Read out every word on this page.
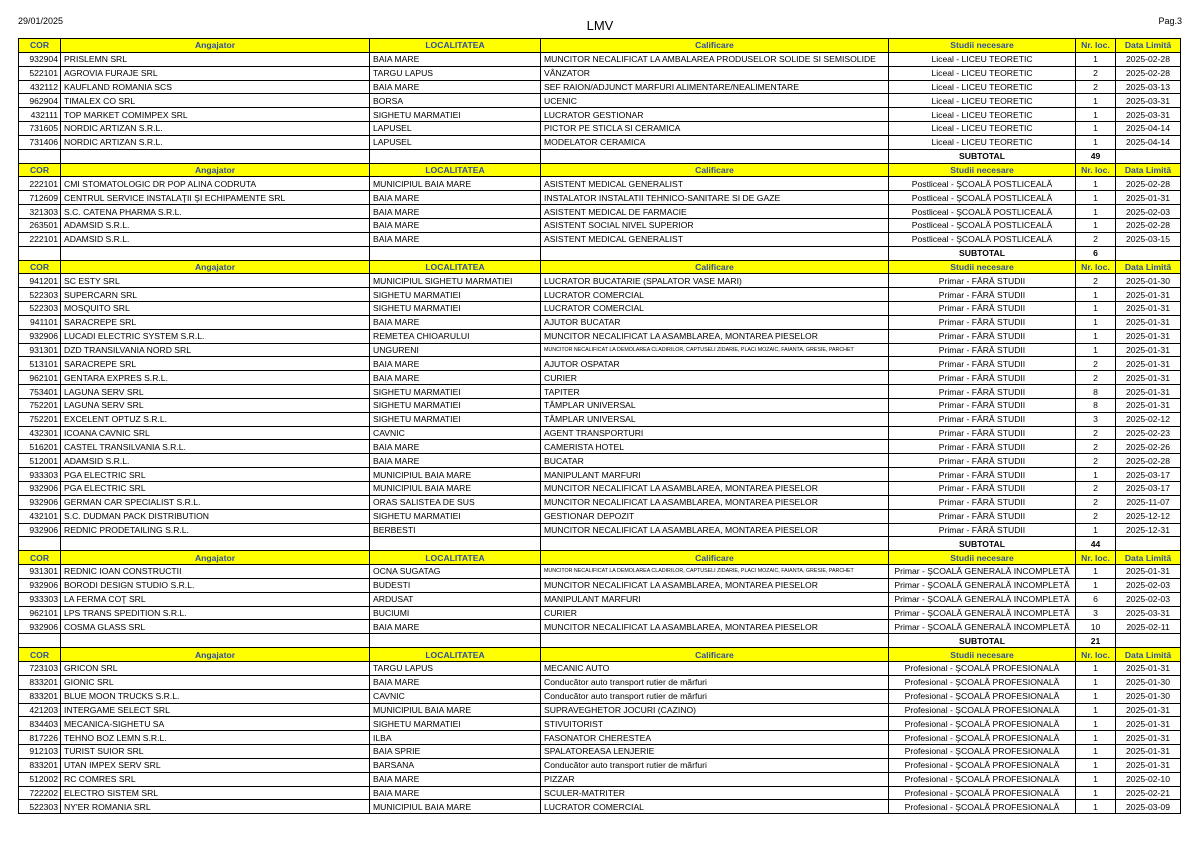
29/01/2025	LMV	Pag.3
COR	Angajator	LOCALITATEA	Calificare	Studii necesare	Nr. loc.	Data Limită
932904	PRISLEMN SRL	BAIA MARE	MUNCITOR NECALIFICAT LA AMBALAREA PRODUSELOR SOLIDE SI SEMISOLIDE	Liceal - LICEU TEORETIC	1	2025-02-28
522101	AGROVIA FURAJE SRL	TARGU LAPUS	VÂNZATOR	Liceal - LICEU TEORETIC	2	2025-02-28
432112	KAUFLAND ROMANIA SCS	BAIA MARE	SEF RAION/ADJUNCT MARFURI ALIMENTARE/NEALIMENTARE	Liceal - LICEU TEORETIC	2	2025-03-13
962904	TIMALEX CO SRL	BORSA	UCENIC	Liceal - LICEU TEORETIC	1	2025-03-31
432111	TOP MARKET COMIMPEX SRL	SIGHETU MARMATIEI	LUCRATOR GESTIONAR	Liceal - LICEU TEORETIC	1	2025-03-31
731605	NORDIC ARTIZAN S.R.L.	LAPUSEL	PICTOR PE STICLA SI CERAMICA	Liceal - LICEU TEORETIC	1	2025-04-14
731406	NORDIC ARTIZAN S.R.L.	LAPUSEL	MODELATOR CERAMICA	Liceal - LICEU TEORETIC	1	2025-04-14
				SUBTOTAL	49	
COR	Angajator	LOCALITATEA	Calificare	Studii necesare	Nr. loc.	Data Limită
222101	CMI STOMATOLOGIC DR POP ALINA CODRUTA	MUNICIPIUL BAIA MARE	ASISTENT MEDICAL GENERALIST	Postliceal - ŞCOALĂ POSTLICEALĂ	1	2025-02-28
712609	CENTRUL SERVICE INSTALAŢII ŞI ECHIPAMENTE SRL	BAIA MARE	INSTALATOR INSTALATII TEHNICO-SANITARE SI DE GAZE	Postliceal - ŞCOALĂ POSTLICEALĂ	1	2025-01-31
321303	S.C. CATENA PHARMA S.R.L.	BAIA MARE	ASISTENT MEDICAL DE FARMACIE	Postliceal - ŞCOALĂ POSTLICEALĂ	1	2025-02-03
263501	ADAMSID S.R.L.	BAIA MARE	ASISTENT SOCIAL NIVEL SUPERIOR	Postliceal - ŞCOALĂ POSTLICEALĂ	1	2025-02-28
222101	ADAMSID S.R.L.	BAIA MARE	ASISTENT MEDICAL GENERALIST	Postliceal - ŞCOALĂ POSTLICEALĂ	2	2025-03-15
				SUBTOTAL	6	
COR	Angajator	LOCALITATEA	Calificare	Studii necesare	Nr. loc.	Data Limită
941201	SC ESTY SRL	MUNICIPIUL SIGHETU MARMATIEI	LUCRATOR BUCATARIE (SPALATOR VASE MARI)	Primar - FĂRĂ STUDII	2	2025-01-30
522303	SUPERCARN SRL	SIGHETU MARMATIEI	LUCRATOR COMERCIAL	Primar - FĂRĂ STUDII	1	2025-01-31
522303	MOSQUITO SRL	SIGHETU MARMATIEI	LUCRATOR COMERCIAL	Primar - FĂRĂ STUDII	1	2025-01-31
941101	SARACREPE SRL	BAIA MARE	AJUTOR BUCATAR	Primar - FĂRĂ STUDII	1	2025-01-31
932906	LUCADI ELECTRIC SYSTEM S.R.L.	REMETEA CHIOARULUI	MUNCITOR NECALIFICAT LA ASAMBLAREA, MONTAREA PIESELOR	Primar - FĂRĂ STUDII	1	2025-01-31
931301	DZD TRANSILVANIA NORD SRL	UNGURENI	MUNCITOR NECALIFICAT LA DEMOLAREA CLADIRILOR, CAPTUSELI ZIDARIE, PLACI MOZAIC, FAIANTA, GRESIE, PARCHET	Primar - FĂRĂ STUDII	1	2025-01-31
513101	SARACREPE SRL	BAIA MARE	AJUTOR OSPATAR	Primar - FĂRĂ STUDII	2	2025-01-31
962101	GENTARA EXPRES S.R.L.	BAIA MARE	CURIER	Primar - FĂRĂ STUDII	2	2025-01-31
753401	LAGUNA SERV SRL	SIGHETU MARMATIEI	TAPITER	Primar - FĂRĂ STUDII	8	2025-01-31
752201	LAGUNA SERV SRL	SIGHETU MARMATIEI	TÂMPLAR UNIVERSAL	Primar - FĂRĂ STUDII	8	2025-01-31
752201	EXCELENT OPTUZ S.R.L.	SIGHETU MARMATIEI	TÂMPLAR UNIVERSAL	Primar - FĂRĂ STUDII	3	2025-02-12
432301	ICOANA CAVNIC SRL	CAVNIC	AGENT TRANSPORTURI	Primar - FĂRĂ STUDII	2	2025-02-23
516201	CASTEL TRANSILVANIA S.R.L.	BAIA MARE	CAMERISTA HOTEL	Primar - FĂRĂ STUDII	2	2025-02-26
512001	ADAMSID S.R.L.	BAIA MARE	BUCATAR	Primar - FĂRĂ STUDII	2	2025-02-28
933303	PGA ELECTRIC SRL	MUNICIPIUL BAIA MARE	MANIPULANT MARFURI	Primar - FĂRĂ STUDII	1	2025-03-17
932906	PGA ELECTRIC SRL	MUNICIPIUL BAIA MARE	MUNCITOR NECALIFICAT LA ASAMBLAREA, MONTAREA PIESELOR	Primar - FĂRĂ STUDII	2	2025-03-17
932906	GERMAN CAR SPECIALIST S.R.L.	ORAS SALISTEA DE SUS	MUNCITOR NECALIFICAT LA ASAMBLAREA, MONTAREA PIESELOR	Primar - FĂRĂ STUDII	2	2025-11-07
432101	S.C. DUDMAN PACK DISTRIBUTION	SIGHETU MARMATIEI	GESTIONAR DEPOZIT	Primar - FĂRĂ STUDII	2	2025-12-12
932906	REDNIC PRODETAILING S.R.L.	BERBESTI	MUNCITOR NECALIFICAT LA ASAMBLAREA, MONTAREA PIESELOR	Primar - FĂRĂ STUDII	1	2025-12-31
				SUBTOTAL	44	
COR	Angajator	LOCALITATEA	Calificare	Studii necesare	Nr. loc.	Data Limită
931301	REDNIC IOAN CONSTRUCTII	OCNA SUGATAG	MUNCITOR NECALIFICAT LA DEMOLAREA CLADIRILOR, CAPTUSELI ZIDARIE, PLACI MOZAIC, FAIANTA, GRESIE, PARCHET	Primar - ŞCOALĂ GENERALĂ INCOMPLETĂ	1	2025-01-31
932906	BORODI DESIGN STUDIO S.R.L.	BUDESTI	MUNCITOR NECALIFICAT LA ASAMBLAREA, MONTAREA PIESELOR	Primar - ŞCOALĂ GENERALĂ INCOMPLETĂ	1	2025-02-03
933303	LA FERMA COŢ SRL	ARDUSAT	MANIPULANT MARFURI	Primar - ŞCOALĂ GENERALĂ INCOMPLETĂ	6	2025-02-03
962101	LPS TRANS SPEDITION S.R.L.	BUCIUMI	CURIER	Primar - ŞCOALĂ GENERALĂ INCOMPLETĂ	3	2025-03-31
932906	COSMA GLASS SRL	BAIA MARE	MUNCITOR NECALIFICAT LA ASAMBLAREA, MONTAREA PIESELOR	Primar - ŞCOALĂ GENERALĂ INCOMPLETĂ	10	2025-02-11
				SUBTOTAL	21	
COR	Angajator	LOCALITATEA	Calificare	Studii necesare	Nr. loc.	Data Limită
723103	GRICON SRL	TARGU LAPUS	MECANIC AUTO	Profesional - ŞCOALĂ PROFESIONALĂ	1	2025-01-31
833201	GIONIC SRL	BAIA MARE	Conducător auto transport rutier de mărfuri	Profesional - ŞCOALĂ PROFESIONALĂ	1	2025-01-30
833201	BLUE MOON TRUCKS S.R.L.	CAVNIC	Conducător auto transport rutier de mărfuri	Profesional - ŞCOALĂ PROFESIONALĂ	1	2025-01-30
421203	INTERGAME SELECT SRL	MUNICIPIUL BAIA MARE	SUPRAVEGHETOR JOCURI (CAZINO)	Profesional - ŞCOALĂ PROFESIONALĂ	1	2025-01-31
834403	MECANICA-SIGHETU SA	SIGHETU MARMATIEI	STIVUITORIST	Profesional - ŞCOALĂ PROFESIONALĂ	1	2025-01-31
817226	TEHNO BOZ LEMN S.R.L.	ILBA	FASONATOR CHERESTEA	Profesional - ŞCOALĂ PROFESIONALĂ	1	2025-01-31
912103	TURIST SUIOR SRL	BAIA SPRIE	SPALATOREASA LENJERIE	Profesional - ŞCOALĂ PROFESIONALĂ	1	2025-01-31
833201	UTAN IMPEX SERV SRL	BARSANA	Conducător auto transport rutier de mărfuri	Profesional - ŞCOALĂ PROFESIONALĂ	1	2025-01-31
512002	RC COMRES SRL	BAIA MARE	PIZZAR	Profesional - ŞCOALĂ PROFESIONALĂ	1	2025-02-10
722202	ELECTRO SISTEM SRL	BAIA MARE	SCULER-MATRITER	Profesional - ŞCOALĂ PROFESIONALĂ	1	2025-02-21
522303	NY'ER ROMANIA SRL	MUNICIPIUL BAIA MARE	LUCRATOR COMERCIAL	Profesional - ŞCOALĂ PROFESIONALĂ	1	2025-03-09
